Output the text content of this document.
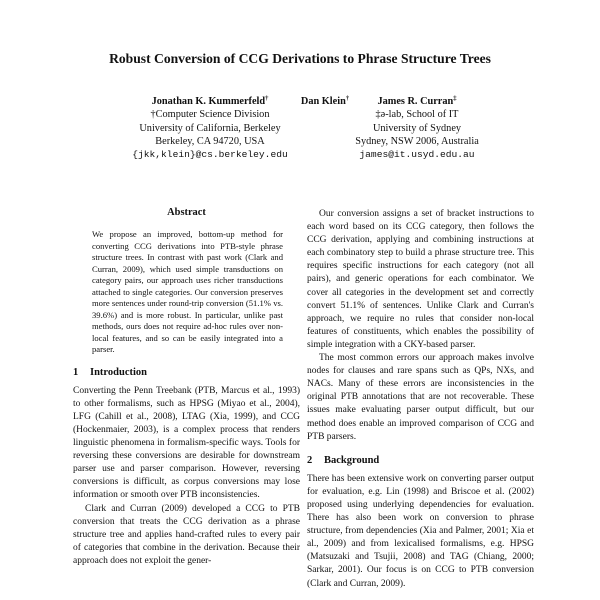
Robust Conversion of CCG Derivations to Phrase Structure Trees
Jonathan K. Kummerfeld†
†Computer Science Division
University of California, Berkeley
Berkeley, CA 94720, USA
{jkk,klein}@cs.berkeley.edu
Dan Klein†	James R. Curran‡
‡ə-lab, School of IT
University of Sydney
Sydney, NSW 2006, Australia
james@it.usyd.edu.au
Abstract

We propose an improved, bottom-up method for converting CCG derivations into PTB-style phrase structure trees. In contrast with past work (Clark and Curran, 2009), which used simple transductions on category pairs, our approach uses richer transductions attached to single categories. Our conversion preserves more sentences under round-trip conversion (51.1% vs. 39.6%) and is more robust. In particular, unlike past methods, ours does not require ad-hoc rules over non-local features, and so can be easily integrated into a parser.

1 Introduction

Converting the Penn Treebank (PTB, Marcus et al., 1993) to other formalisms, such as HPSG (Miyao et al., 2004), LFG (Cahill et al., 2008), LTAG (Xia, 1999), and CCG (Hockenmaier, 2003), is a complex process that renders linguistic phenomena in formalism-specific ways. Tools for reversing these conversions are desirable for downstream parser use and parser comparison. However, reversing conversions is difficult, as corpus conversions may lose information or smooth over PTB inconsistencies.

Clark and Curran (2009) developed a CCG to PTB conversion that treats the CCG derivation as a phrase structure tree and applies hand-crafted rules to every pair of categories that combine in the derivation. Because their approach does not exploit the gener-

Our conversion assigns a set of bracket instructions to each word based on its CCG category, then follows the CCG derivation, applying and combining instructions at each combinatory step to build a phrase structure tree. This requires specific instructions for each category (not all pairs), and generic operations for each combinator. We cover all categories in the development set and correctly convert 51.1% of sentences. Unlike Clark and Curran's approach, we require no rules that consider non-local features of constituents, which enables the possibility of simple integration with a CKY-based parser.

The most common errors our approach makes involve nodes for clauses and rare spans such as QPs, NXs, and NACs. Many of these errors are inconsistencies in the original PTB annotations that are not recoverable. These issues make evaluating parser output difficult, but our method does enable an improved comparison of CCG and PTB parsers.

2 Background

There has been extensive work on converting parser output for evaluation, e.g. Lin (1998) and Briscoe et al. (2002) proposed using underlying dependencies for evaluation. There has also been work on conversion to phrase structure, from dependencies (Xia and Palmer, 2001; Xia et al., 2009) and from lexicalised formalisms, e.g. HPSG (Matsuzaki and Tsujii, 2008) and TAG (Chiang, 2000; Sarkar, 2001). Our focus is on CCG to PTB conversion (Clark and Curran, 2009).
